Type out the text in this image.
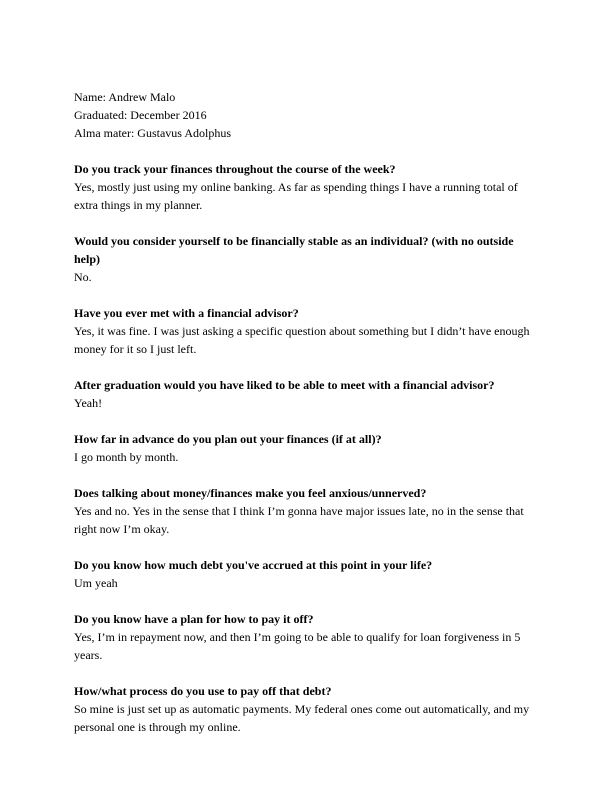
Name: Andrew Malo
Graduated: December 2016
Alma mater: Gustavus Adolphus
Do you track your finances throughout the course of the week?
Yes, mostly just using my online banking. As far as spending things I have a running total of extra things in my planner.
Would you consider yourself to be financially stable as an individual? (with no outside help)
No.
Have you ever met with a financial advisor?
Yes, it was fine. I was just asking a specific question about something but I didn’t have enough money for it so I just left.
After graduation would you have liked to be able to meet with a financial advisor?
Yeah!
How far in advance do you plan out your finances (if at all)?
I go month by month.
Does talking about money/finances make you feel anxious/unnerved?
Yes and no. Yes in the sense that I think I’m gonna have major issues late, no in the sense that right now I’m okay.
Do you know how much debt you've accrued at this point in your life?
Um yeah
Do you know have a plan for how to pay it off?
Yes, I’m in repayment now, and then I’m going to be able to qualify for loan forgiveness in 5 years.
How/what process do you use to pay off that debt?
So mine is just set up as automatic payments. My federal ones come out automatically, and my personal one is through my online.
